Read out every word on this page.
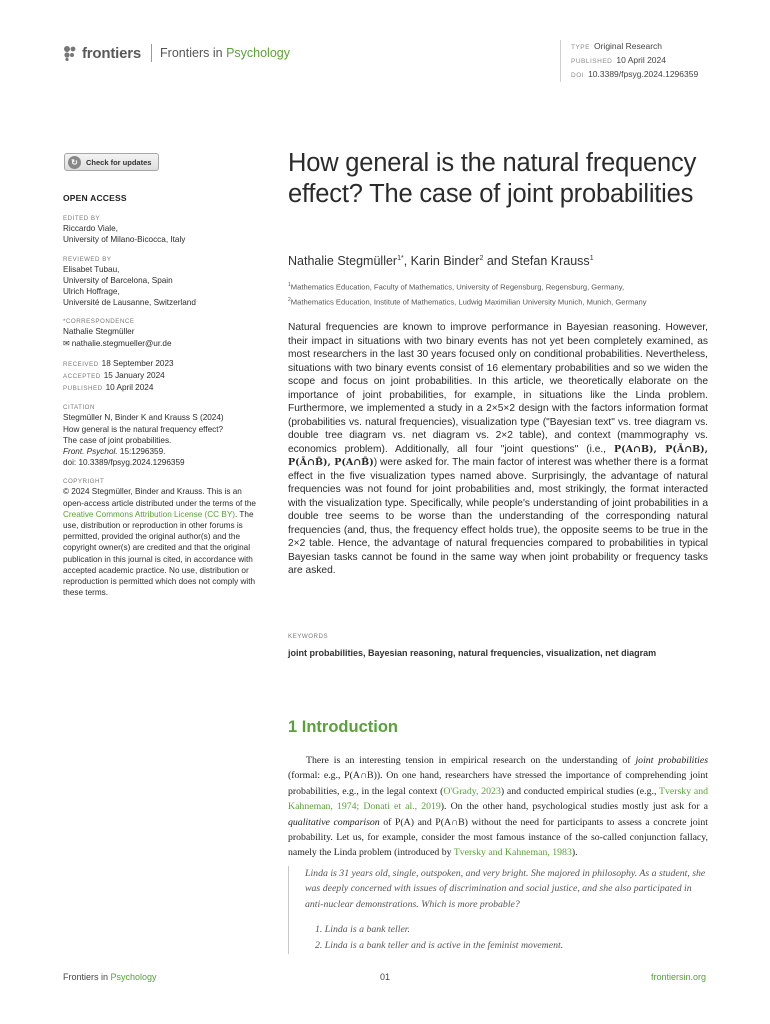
frontiers Frontiers in Psychology	TYPE Original Research
PUBLISHED 10 April 2024
DOI 10.3389/fpsyg.2024.1296359
↻	Check for updates
OPEN ACCESS
EDITED BY
Riccardo Viale,
University of Milano-Bicocca, Italy
REVIEWED BY
Elisabet Tubau,
University of Barcelona, Spain
Ulrich Hoffrage,
Université de Lausanne, Switzerland
*CORRESPONDENCE
Nathalie Stegmüller
✉ nathalie.stegmueller@ur.de
RECEIVED 18 September 2023
ACCEPTED 15 January 2024
PUBLISHED 10 April 2024
CITATION
Stegmüller N, Binder K and Krauss S (2024)
How general is the natural frequency effect?
The case of joint probabilities.
Front. Psychol. 15:1296359.
doi: 10.3389/fpsyg.2024.1296359
COPYRIGHT
© 2024 Stegmüller, Binder and Krauss. This is an open-access article distributed under the terms of the Creative Commons Attribution License (CC BY). The use, distribution or reproduction in other forums is permitted, provided the original author(s) and the copyright owner(s) are credited and that the original publication in this journal is cited, in accordance with accepted academic practice. No use, distribution or reproduction is permitted which does not comply with these terms.
How general is the natural frequency effect? The case of joint probabilities
Nathalie Stegmüller$^{1*}$, Karin Binder$^2$ and Stefan Krauss$^1$
$^1$Mathematics Education, Faculty of Mathematics, University of Regensburg, Regensburg, Germany,
$^2$Mathematics Education, Institute of Mathematics, Ludwig Maximilian University Munich, Munich, Germany

Natural frequencies are known to improve performance in Bayesian reasoning. However, their impact in situations with two binary events has not yet been completely examined, as most researchers in the last 30 years focused only on conditional probabilities. Nevertheless, situations with two binary events consist of 16 elementary probabilities and so we widen the scope and focus on joint probabilities. In this article, we theoretically elaborate on the importance of joint probabilities, for example, in situations like the Linda problem. Furthermore, we implemented a study in a 2×5×2 design with the factors information format (probabilities vs. natural frequencies), visualization type ("Bayesian text" vs. tree diagram vs. double tree diagram vs. net diagram vs. 2×2 table), and context (mammography vs. economics problem). Additionally, all four "joint questions" (i.e., P(A∩B), P(Ā∩B), P(Ā∩B̄), P(A∩B̄)) were asked for. The main factor of interest was whether there is a format effect in the five visualization types named above. Surprisingly, the advantage of natural frequencies was not found for joint probabilities and, most strikingly, the format interacted with the visualization type. Specifically, while people's understanding of joint probabilities in a double tree seems to be worse than the understanding of the corresponding natural frequencies (and, thus, the frequency effect holds true), the opposite seems to be true in the 2×2 table. Hence, the advantage of natural frequencies compared to probabilities in typical Bayesian tasks cannot be found in the same way when joint probability or frequency tasks are asked.

KEYWORDS
joint probabilities, Bayesian reasoning, natural frequencies, visualization, net diagram
1 Introduction

There is an interesting tension in empirical research on the understanding of joint probabilities (formal: e.g., P(A∩B)). On one hand, researchers have stressed the importance of comprehending joint probabilities, e.g., in the legal context (O'Grady, 2023) and conducted empirical studies (e.g., Tversky and Kahneman, 1974; Donati et al., 2019). On the other hand, psychological studies mostly just ask for a qualitative comparison of P(A) and P(A∩B) without the need for participants to assess a concrete joint probability. Let us, for example, consider the most famous instance of the so-called conjunction fallacy, namely the Linda problem (introduced by Tversky and Kahneman, 1983).

Linda is 31 years old, single, outspoken, and very bright. She majored in philosophy. As a student, she was deeply concerned with issues of discrimination and social justice, and she also participated in anti-nuclear demonstrations. Which is more probable?
1. Linda is a bank teller.
2. Linda is a bank teller and is active in the feminist movement.
Frontiers in Psychology	01	frontiersin.org
